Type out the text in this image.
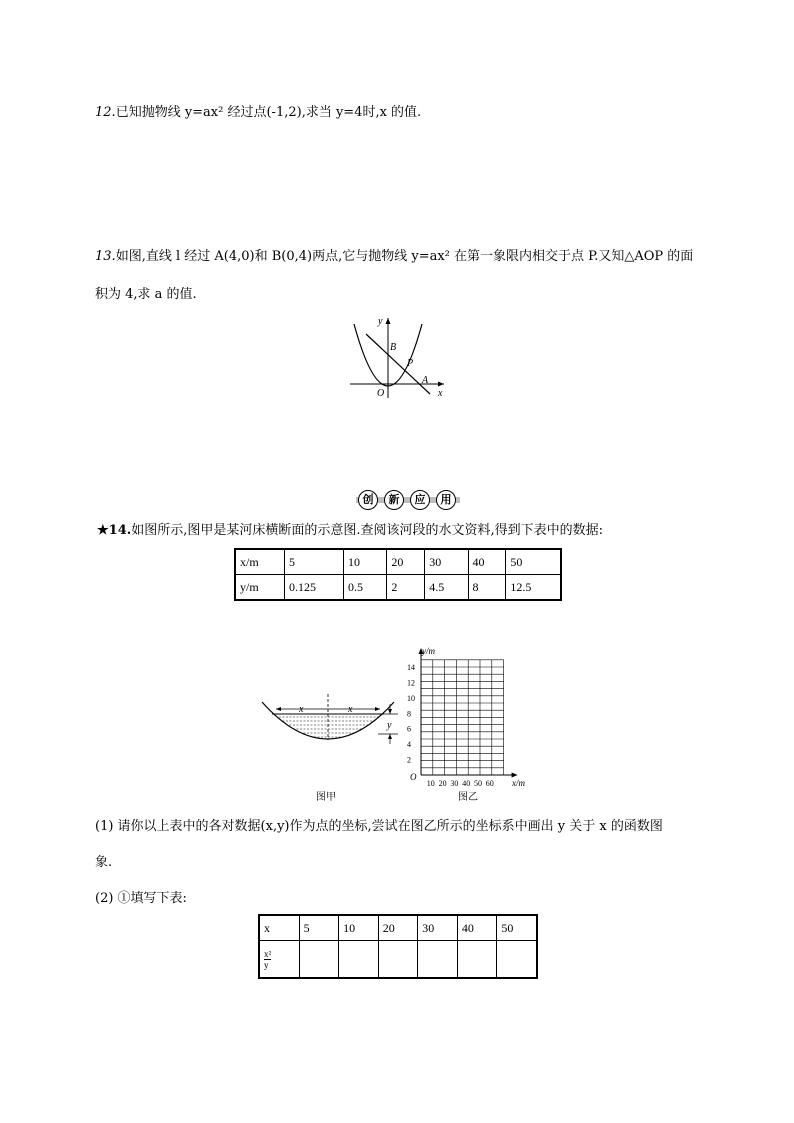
12.已知抛物线 y=ax² 经过点(-1,2),求当 y=4时,x 的值.
13.如图,直线 l 经过 A(4,0)和 B(0,4)两点,它与抛物线 y=ax² 在第一象限内相交于点 P.又知△AOP 的面
积为 4,求 a 的值.
y
x
O
B
P
A
创	新	应	用
★14.如图所示,图甲是某河床横断面的示意图.查阅该河段的水文资料,得到下表中的数据:
x/m	5	10	20	30	40	50
y/m	0.125	0.5	2	4.5	8	12.5
x	x
y
图甲
y/m
x/m
O
14
12
10
8
6
4
2
10 20 30 40 50 60
图乙
(1) 请你以上表中的各对数据(x,y)作为点的坐标,尝试在图乙所示的坐标系中画出 y 关于 x 的函数图
象.
(2) ①填写下表:
x	5	10	20	30	40	50
x²
y						
